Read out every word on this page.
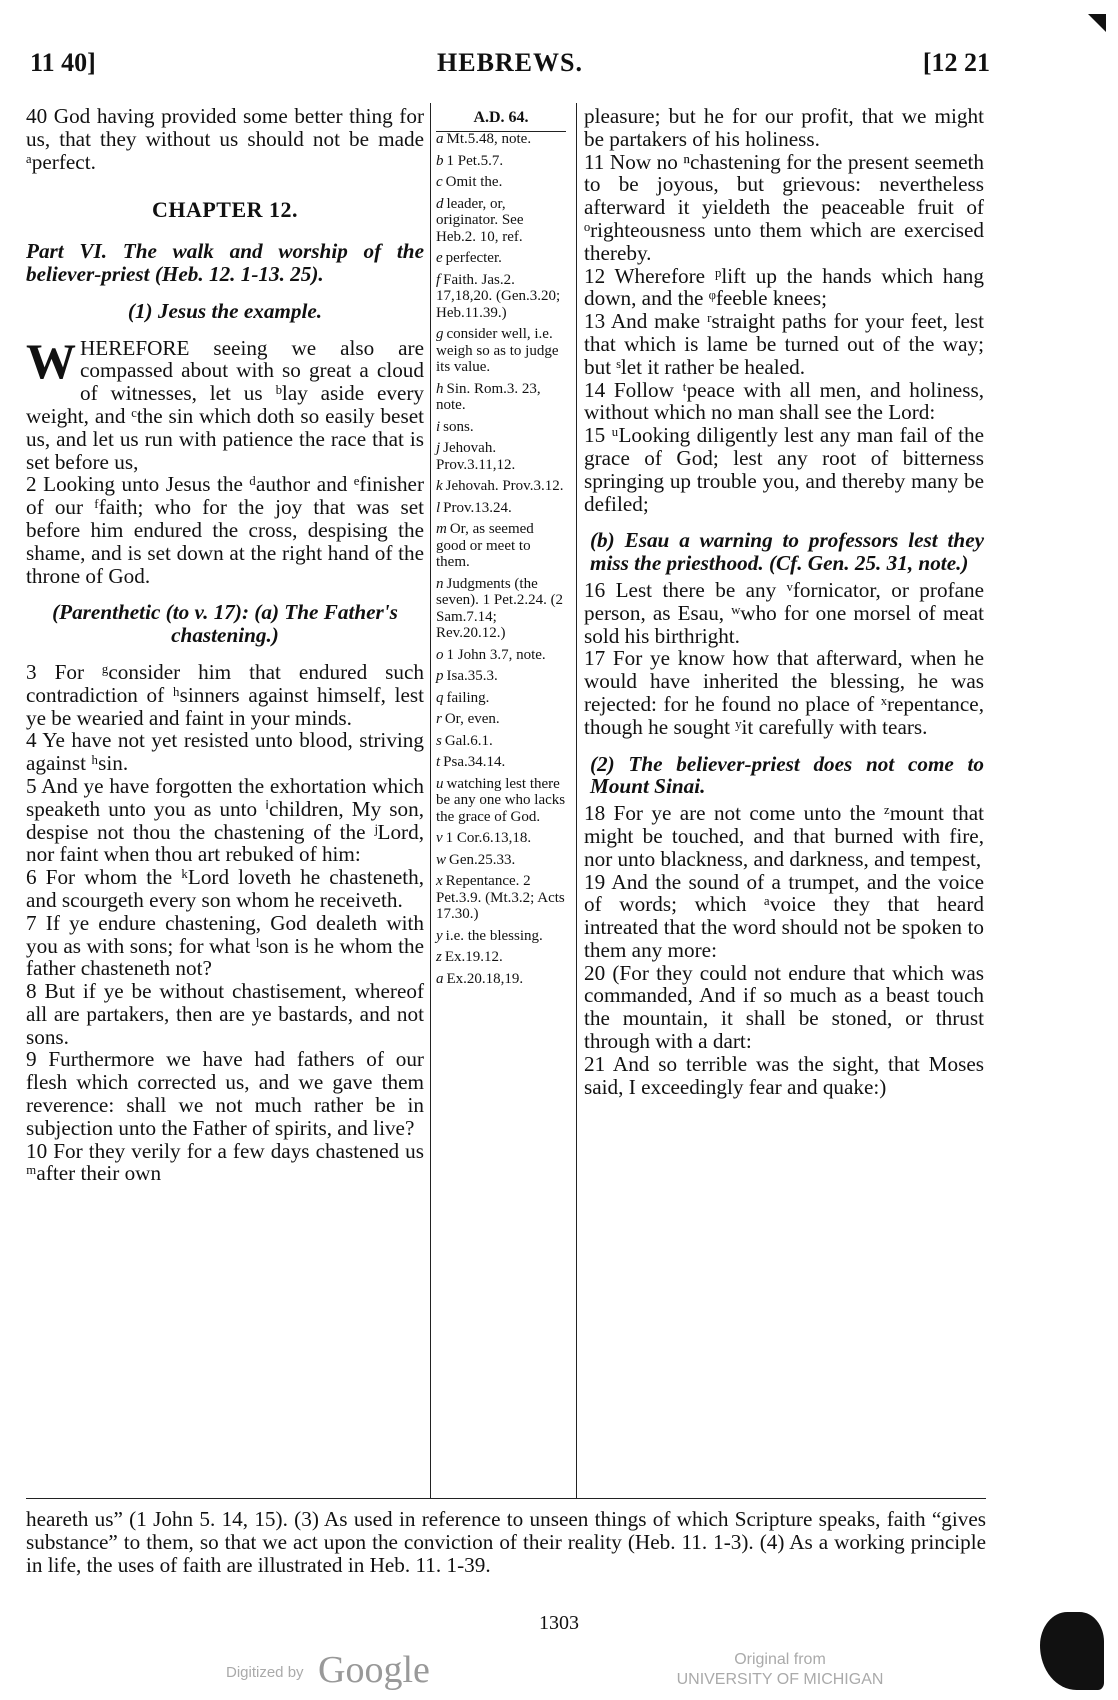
11 40]	HEBREWS.	[12 21

40 God having provided some better thing for us, that they without us should not be made ᵃperfect.

CHAPTER 12.

Part VI. The walk and worship of the believer-priest (Heb. 12. 1-13. 25).

(1) Jesus the example.

WHEREFORE seeing we also are compassed about with so great a cloud of witnesses, let us ᵇlay aside every weight, and ᶜthe sin which doth so easily beset us, and let us run with patience the race that is set before us,

2 Looking unto Jesus the ᵈauthor and ᵉfinisher of our ᶠfaith; who for the joy that was set before him endured the cross, despising the shame, and is set down at the right hand of the throne of God.

(Parenthetic (to v. 17): (a) The Father's chastening.)

3 For ᵍconsider him that endured such contradiction of ʰsinners against himself, lest ye be wearied and faint in your minds.

4 Ye have not yet resisted unto blood, striving against ʰsin.

5 And ye have forgotten the exhortation which speaketh unto you as unto ⁱchildren, My son, despise not thou the chastening of the ʲLord, nor faint when thou art rebuked of him:

6 For whom the ᵏLord loveth he chasteneth, and scourgeth every son whom he receiveth.

7 If ye endure chastening, God dealeth with you as with sons; for what ˡson is he whom the father chasteneth not?

8 But if ye be without chastisement, whereof all are partakers, then are ye bastards, and not sons.

9 Furthermore we have had fathers of our flesh which corrected us, and we gave them reverence: shall we not much rather be in subjection unto the Father of spirits, and live?

10 For they verily for a few days chastened us ᵐafter their own

A.D. 64.
a Mt.5.48, note.
b 1 Pet.5.7.
c Omit the.
d leader, or, originator. See Heb.2. 10, ref.
e perfecter.
f Faith. Jas.2. 17,18,20. (Gen.3.20; Heb.11.39.)
g consider well, i.e. weigh so as to judge its value.
h Sin. Rom.3. 23, note.
i sons.
j Jehovah. Prov.3.11,12.
k Jehovah. Prov.3.12.
l Prov.13.24.
m Or, as seemed good or meet to them.
n Judgments (the seven). 1 Pet.2.24. (2 Sam.7.14; Rev.20.12.)
o 1 John 3.7, note.
p Isa.35.3.
q failing.
r Or, even.
s Gal.6.1.
t Psa.34.14.
u watching lest there be any one who lacks the grace of God.
v 1 Cor.6.13,18.
w Gen.25.33.
x Repentance. 2 Pet.3.9. (Mt.3.2; Acts 17.30.)
y i.e. the blessing.
z Ex.19.12.
a Ex.20.18,19.

pleasure; but he for our profit, that we might be partakers of his holiness.

11 Now no ⁿchastening for the present seemeth to be joyous, but grievous: nevertheless afterward it yieldeth the peaceable fruit of ᵒrighteousness unto them which are exercised thereby.

12 Wherefore ᵖlift up the hands which hang down, and the ᵠfeeble knees;

13 And make ʳstraight paths for your feet, lest that which is lame be turned out of the way; but ˢlet it rather be healed.

14 Follow ᵗpeace with all men, and holiness, without which no man shall see the Lord:

15 ᵘLooking diligently lest any man fail of the grace of God; lest any root of bitterness springing up trouble you, and thereby many be defiled;

(b) Esau a warning to professors lest they miss the priesthood. (Cf. Gen. 25. 31, note.)

16 Lest there be any ᵛfornicator, or profane person, as Esau, ʷwho for one morsel of meat sold his birthright.

17 For ye know how that afterward, when he would have inherited the blessing, he was rejected: for he found no place of ˣrepentance, though he sought ʸit carefully with tears.

(2) The believer-priest does not come to Mount Sinai.

18 For ye are not come unto the ᶻmount that might be touched, and that burned with fire, nor unto blackness, and darkness, and tempest,

19 And the sound of a trumpet, and the voice of words; which ᵃvoice they that heard intreated that the word should not be spoken to them any more:

20 (For they could not endure that which was commanded, And if so much as a beast touch the mountain, it shall be stoned, or thrust through with a dart:

21 And so terrible was the sight, that Moses said, I exceedingly fear and quake:)

heareth us” (1 John 5. 14, 15). (3) As used in reference to unseen things of which Scripture speaks, faith “gives substance” to them, so that we act upon the conviction of their reality (Heb. 11. 1-3). (4) As a working principle in life, the uses of faith are illustrated in Heb. 11. 1-39.

1303
Digitized by Google	Original from
UNIVERSITY OF MICHIGAN
